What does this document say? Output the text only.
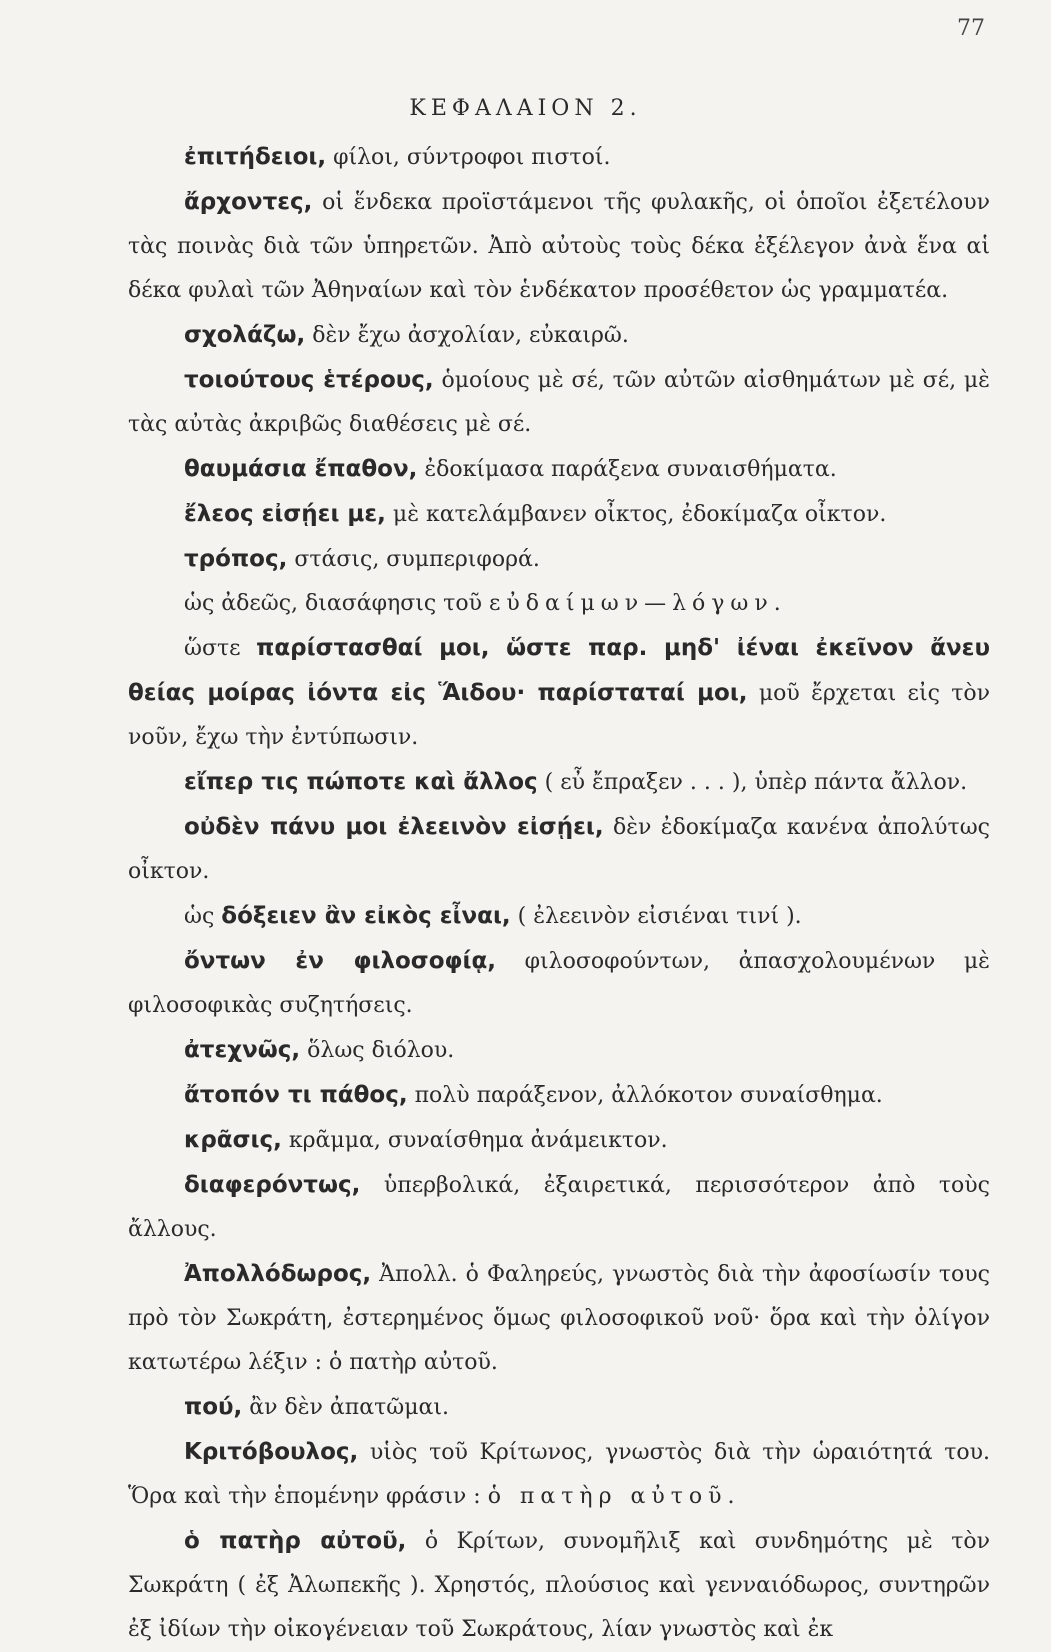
77
ΚΕΦΑΛΑΙΟΝ 2.

ἐπιτήδειοι, φίλοι, σύντροφοι πιστοί.

ἄρχοντες, οἱ ἕνδεκα προϊστάμενοι τῆς φυλακῆς, οἱ ὁποῖοι ἐξετέλουν τὰς ποινὰς διὰ τῶν ὑπηρετῶν. Ἀπὸ αὐτοὺς τοὺς δέκα ἐξέλεγον ἀνὰ ἕνα αἱ δέκα φυλαὶ τῶν Ἀθηναίων καὶ τὸν ἑνδέκατον προσέθετον ὡς γραμματέα.

σχολάζω, δὲν ἔχω ἀσχολίαν, εὐκαιρῶ.

τοιούτους ἑτέρους, ὁμοίους μὲ σέ, τῶν αὐτῶν αἰσθημάτων μὲ σέ, μὲ τὰς αὐτὰς ἀκριβῶς διαθέσεις μὲ σέ.

θαυμάσια ἔπαθον, ἐδοκίμασα παράξενα συναισθήματα.

ἔλεος εἰσῄει με, μὲ κατελάμβανεν οἶκτος, ἐδοκίμαζα οἶκτον.

τρόπος, στάσις, συμπεριφορά.

ὡς ἀδεῶς, διασάφησις τοῦ εὐδαίμων—λόγων.

ὥστε παρίστασθαί μοι, ὥστε παρ. μηδ' ἰέναι ἐκεῖνον ἄνευ θείας μοίρας ἰόντα εἰς Ἅιδου· παρίσταταί μοι, μοῦ ἔρχεται εἰς τὸν νοῦν, ἔχω τὴν ἐντύπωσιν.

εἴπερ τις πώποτε καὶ ἄλλος ( εὖ ἔπραξεν . . . ), ὑπὲρ πάντα ἄλλον.

οὐδὲν πάνυ μοι ἐλεεινὸν εἰσῄει, δὲν ἐδοκίμαζα κανένα ἀπολύτως οἶκτον.

ὡς δόξειεν ἂν εἰκὸς εἶναι, ( ἐλεεινὸν εἰσιέναι τινί ).

ὄντων ἐν φιλοσοφίᾳ, φιλοσοφούντων, ἀπασχολουμένων μὲ φιλοσοφικὰς συζητήσεις.

ἀτεχνῶς, ὅλως διόλου.

ἄτοπόν τι πάθος, πολὺ παράξενον, ἀλλόκοτον συναίσθημα.

κρᾶσις, κρᾶμμα, συναίσθημα ἀνάμεικτον.

διαφερόντως, ὑπερβολικά, ἐξαιρετικά, περισσότερον ἀπὸ τοὺς ἄλλους.

Ἀπολλόδωρος, Ἀπολλ. ὁ Φαληρεύς, γνωστὸς διὰ τὴν ἀφοσίωσίν τους πρὸ τὸν Σωκράτη, ἐστερημένος ὅμως φιλοσοφικοῦ νοῦ· ὅρα καὶ τὴν ὀλίγον κατωτέρω λέξιν : ὁ πατὴρ αὐτοῦ.

πού, ἂν δὲν ἀπατῶμαι.

Κριτόβουλος, υἱὸς τοῦ Κρίτωνος, γνωστὸς διὰ τὴν ὡραιότητά του. Ὅρα καὶ τὴν ἑπομένην φράσιν : ὁ πατὴρ αὐτοῦ.

ὁ πατὴρ αὐτοῦ, ὁ Κρίτων, συνομῆλιξ καὶ συνδημότης μὲ τὸν Σωκράτη ( ἐξ Ἀλωπεκῆς ). Χρηστός, πλούσιος καὶ γενναιόδωρος, συντηρῶν ἐξ ἰδίων τὴν οἰκογένειαν τοῦ Σωκράτους, λίαν γνωστὸς καὶ ἐκ
